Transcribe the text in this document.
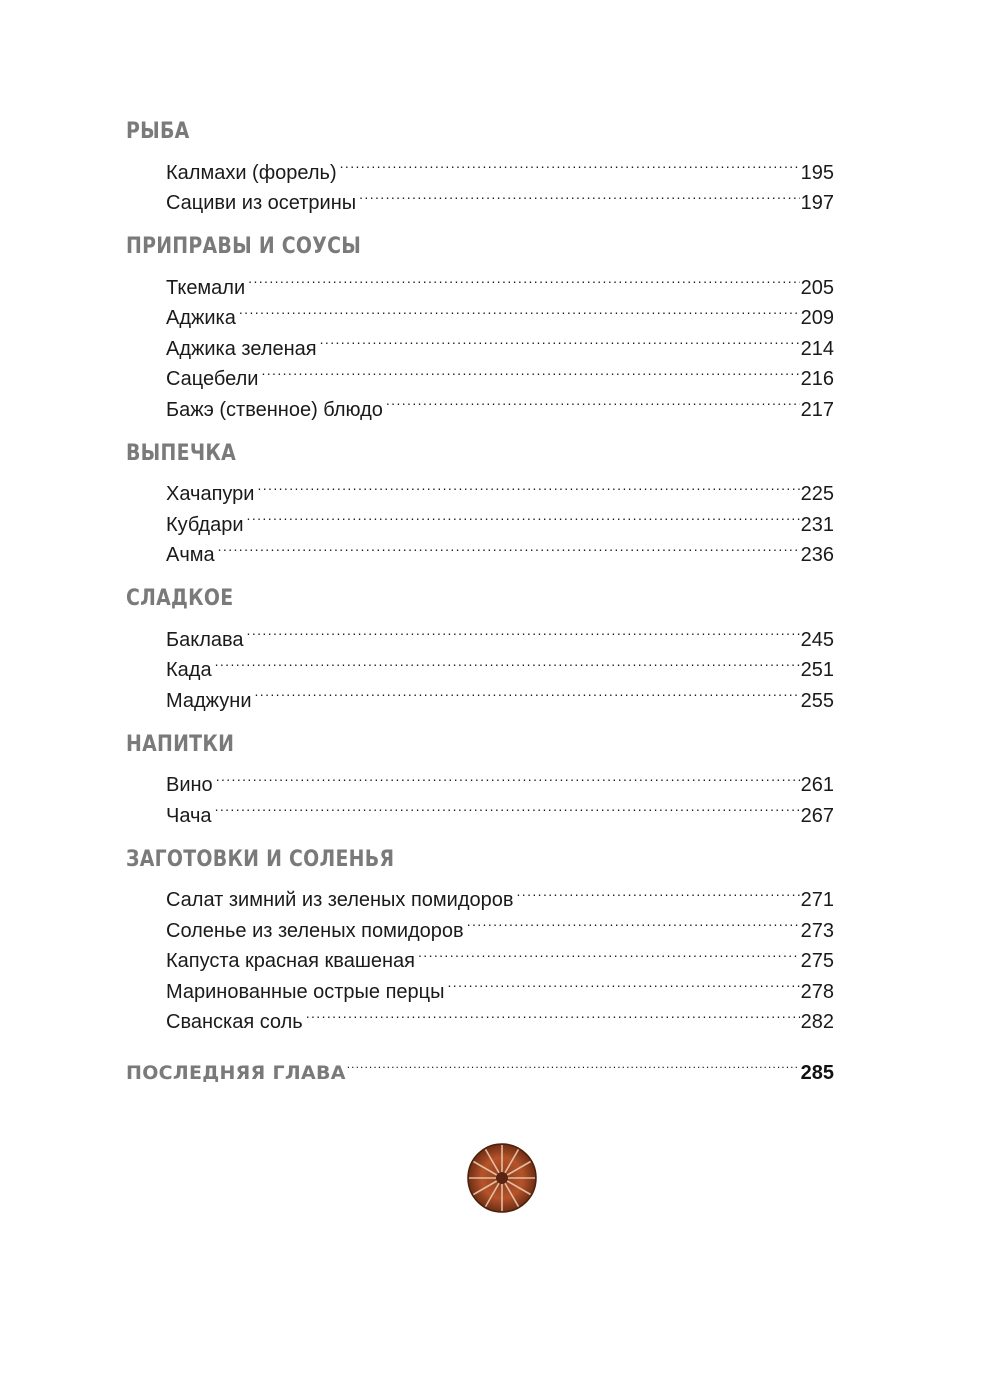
РЫБА
Калмахи (форель) .....	195
Сациви из осетрины .....	197
ПРИПРАВЫ И СОУСЫ
Ткемали .....	205
Аджика .....	209
Аджика зеленая .....	214
Сацебели .....	216
Бажэ (ственное) блюдо .....	217
ВЫПЕЧКА
Хачапури .....	225
Кубдари .....	231
Ачма .....	236
СЛАДКОЕ
Баклава .....	245
Када .....	251
Маджуни .....	255
НАПИТКИ
Вино .....	261
Чача .....	267
ЗАГОТОВКИ И СОЛЕНЬЯ
Салат зимний из зеленых помидоров .....	271
Соленье из зеленых помидоров .....	273
Капуста красная квашеная .....	275
Маринованные острые перцы .....	278
Сванская соль .....	282
ПОСЛЕДНЯЯ ГЛАВА .....	285
